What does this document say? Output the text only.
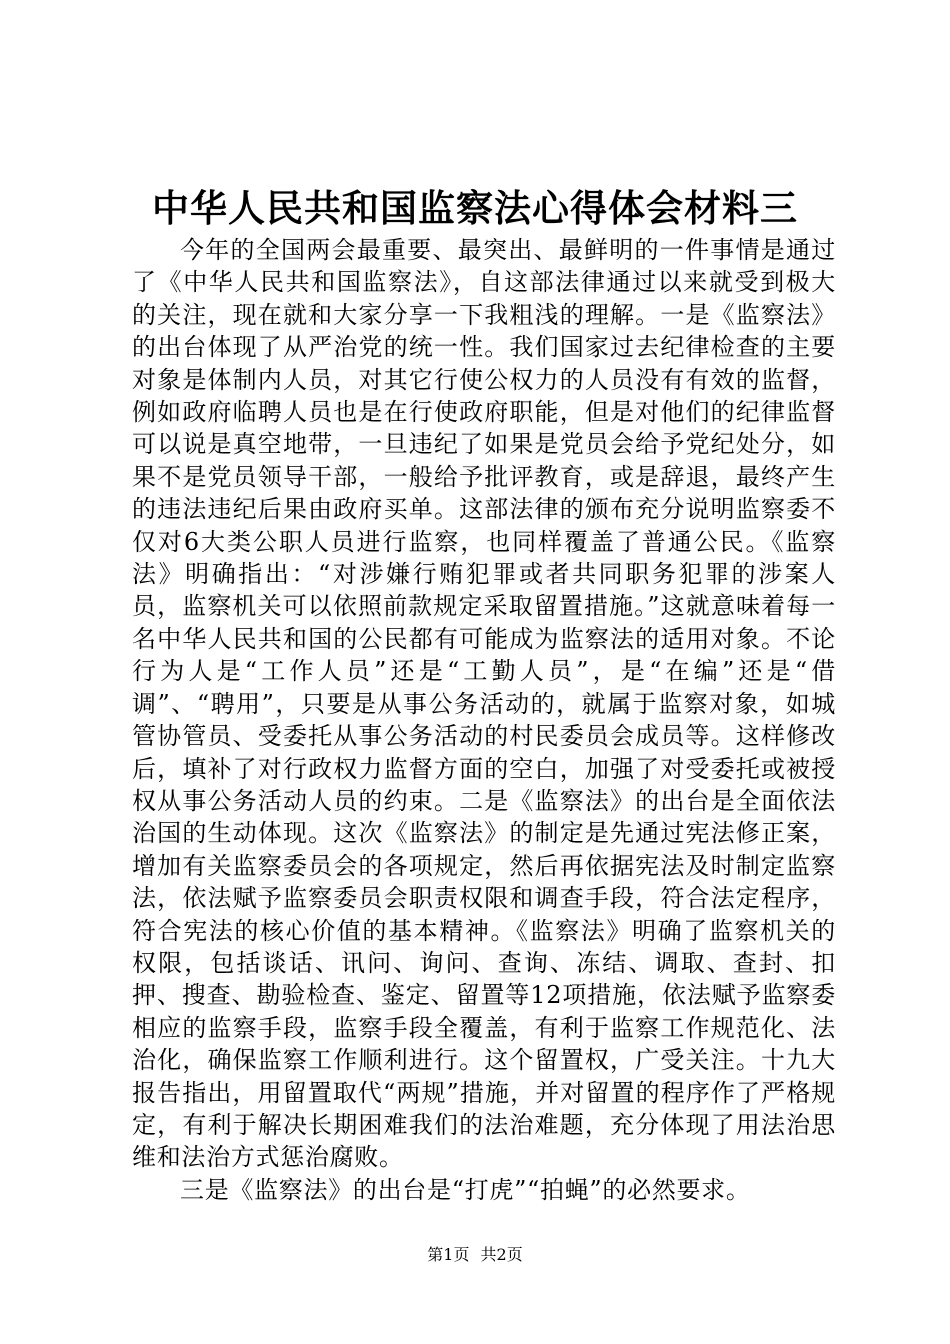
中华人民共和国监察法心得体会材料三

今年的全国两会最重要、最突出、最鲜明的一件事情是通过了《中华人民共和国监察法》，自这部法律通过以来就受到极大的关注，现在就和大家分享一下我粗浅的理解。一是《监察法》的出台体现了从严治党的统一性。我们国家过去纪律检查的主要对象是体制内人员，对其它行使公权力的人员没有有效的监督，例如政府临聘人员也是在行使政府职能，但是对他们的纪律监督可以说是真空地带，一旦违纪了如果是党员会给予党纪处分，如果不是党员领导干部，一般给予批评教育，或是辞退，最终产生的违法违纪后果由政府买单。这部法律的颁布充分说明监察委不仅对6大类公职人员进行监察，也同样覆盖了普通公民。《监察法》明确指出：“对涉嫌行贿犯罪或者共同职务犯罪的涉案人员，监察机关可以依照前款规定采取留置措施。”这就意味着每一名中华人民共和国的公民都有可能成为监察法的适用对象。不论行为人是“工作人员”还是“工勤人员”，是“在编”还是“借调”、“聘用”，只要是从事公务活动的，就属于监察对象，如城管协管员、受委托从事公务活动的村民委员会成员等。这样修改后，填补了对行政权力监督方面的空白，加强了对受委托或被授权从事公务活动人员的约束。二是《监察法》的出台是全面依法治国的生动体现。这次《监察法》的制定是先通过宪法修正案，增加有关监察委员会的各项规定，然后再依据宪法及时制定监察法，依法赋予监察委员会职责权限和调查手段，符合法定程序，符合宪法的核心价值的基本精神。《监察法》明确了监察机关的权限，包括谈话、讯问、询问、查询、冻结、调取、查封、扣押、搜查、勘验检查、鉴定、留置等12项措施，依法赋予监察委相应的监察手段，监察手段全覆盖，有利于监察工作规范化、法治化，确保监察工作顺利进行。这个留置权，广受关注。十九大报告指出，用留置取代“两规”措施，并对留置的程序作了严格规定，有利于解决长期困难我们的法治难题，充分体现了用法治思维和法治方式惩治腐败。

三是《监察法》的出台是“打虎”“拍蝇”的必然要求。

第1页 共2页
